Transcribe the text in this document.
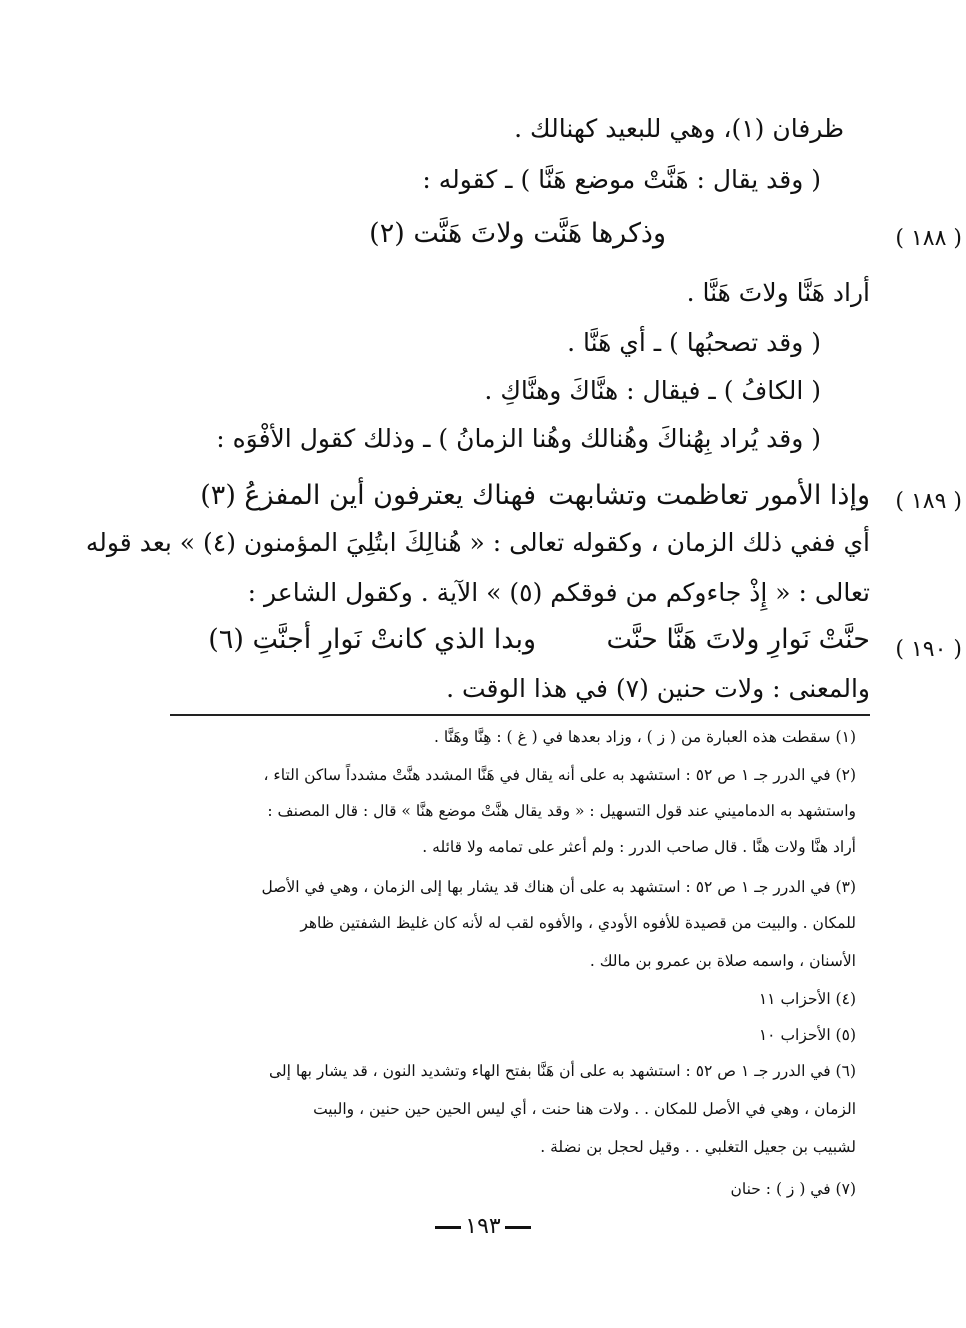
ظرفان (١)، وهي للبعيد كهنالك .
( وقد يقال : هَنَّتْ موضع هَنَّا ) ـ كقوله :
( ١٨٨ )
وذكرها هَنَّت ولاتَ هَنَّت (٢)
أراد هَنَّا ولاتَ هَنَّا .
( وقد تصحبُها ) ـ أي هَنَّا .
( الكافُ ) ـ فيقال : هنَّاكَ وهنَّاكِ .
( وقد يُراد بِهُناكَ وهُنالك وهُنا الزمانُ ) ـ وذلك كقول الأفْوَه :
( ١٨٩ )
وإذا الأمور تعاظمت وتشابهت
فهناك يعترفون أين المفزعُ (٣)
أي ففي ذلك الزمان ، وكقوله تعالى : « هُنالِكَ ابتُلِيَ المؤمنون (٤) » بعد قوله
تعالى : « إِذْ جاءوكم من فوقكم (٥) » الآية . وكقول الشاعر :
( ١٩٠ )
حنَّتْ نَوارِ ولاتَ هَنَّا حنَّت
وبدا الذي كانتْ نَوارِ أجنَّتِ (٦)
والمعنى : ولات حنين (٧) في هذا الوقت .
(١) سقطت هذه العبارة من ( ز ) ، وزاد بعدها في ( غ ) : هِنَّا وهَنَّا .
(٢) في الدرر جـ ١ ص ٥٢ : استشهد به على أنه يقال في هَنَّا المشدد هنَّتْ مشدداً ساكن التاء ،
واستشهد به الدماميني عند قول التسهيل : « وقد يقال هنَّتْ موضع هنَّا » قال : قال المصنف :
أراد هنَّا ولات هنَّا . قال صاحب الدرر : ولم أعثر على تمامه ولا قائله .
(٣) في الدرر جـ ١ ص ٥٢ : استشهد به على أن هناك قد يشار بها إلى الزمان ، وهي في الأصل
للمكان . والبيت من قصيدة للأفوه الأودي ، والأفوه لقب له لأنه كان غليظ الشفتين ظاهر
الأسنان ، واسمه صلاة بن عمرو بن مالك .
(٤) الأحزاب ١١
(٥) الأحزاب ١٠
(٦) في الدرر جـ ١ ص ٥٢ : استشهد به على أن هَنَّا بفتح الهاء وتشديد النون ، قد يشار بها إلى
الزمان ، وهي في الأصل للمكان . . ولات هنا حنت ، أي ليس الحين حين حنين ، والبيت
لشبيب بن جعيل التغلبي . . وقيل لحجل بن نضلة .
(٧) في ( ز ) : حنان
١٩٣
